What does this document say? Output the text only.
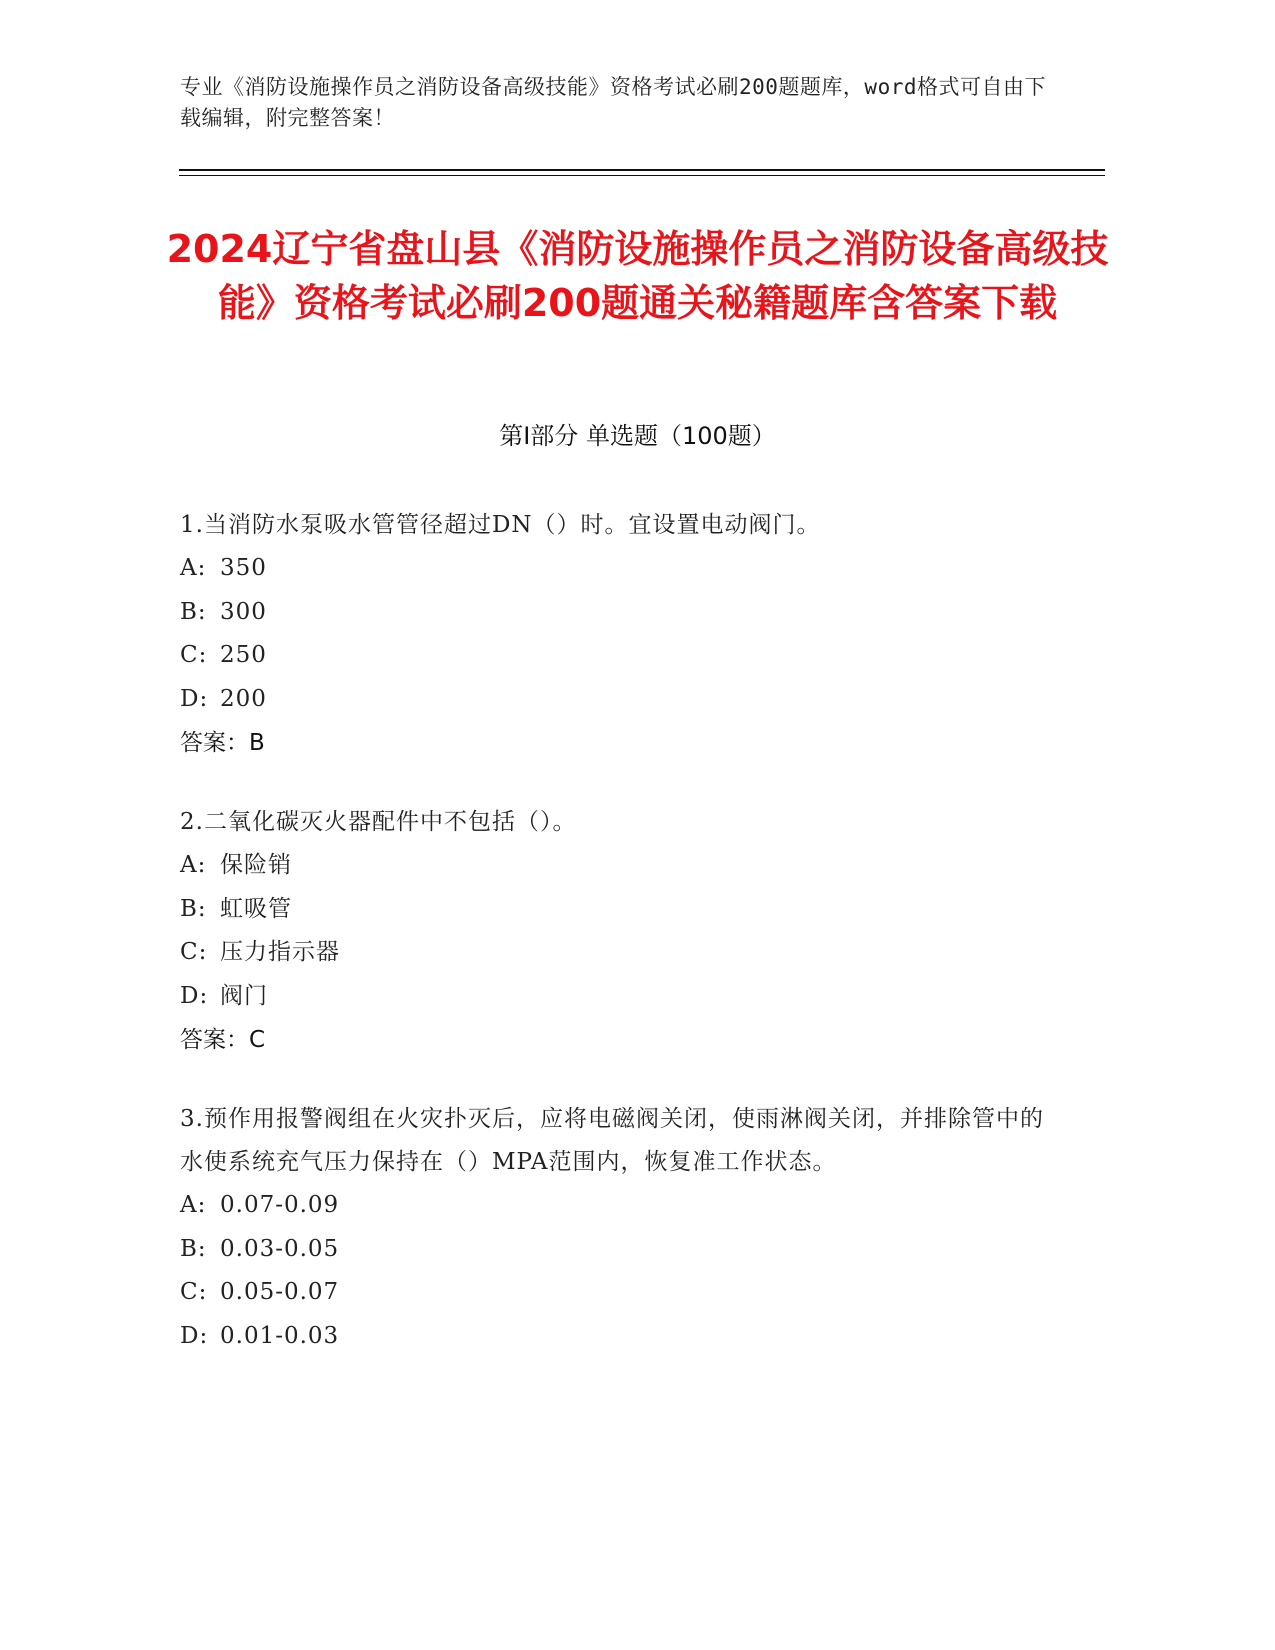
专业《消防设施操作员之消防设备高级技能》资格考试必刷200题题库，word格式可自由下载编辑，附完整答案！
2024辽宁省盘山县《消防设施操作员之消防设备高级技能》资格考试必刷200题通关秘籍题库含答案下载
第Ⅰ部分 单选题（100题）
1.当消防水泵吸水管管径超过DN（）时。宜设置电动阀门。
A: 350
B: 300
C: 250
D: 200
答案：B
2.二氧化碳灭火器配件中不包括（）。
A: 保险销
B: 虹吸管
C: 压力指示器
D: 阀门
答案：C
3.预作用报警阀组在火灾扑灭后，应将电磁阀关闭，使雨淋阀关闭，并排除管中的水使系统充气压力保持在（）MPA范围内，恢复准工作状态。
A: 0.07-0.09
B: 0.03-0.05
C: 0.05-0.07
D: 0.01-0.03
